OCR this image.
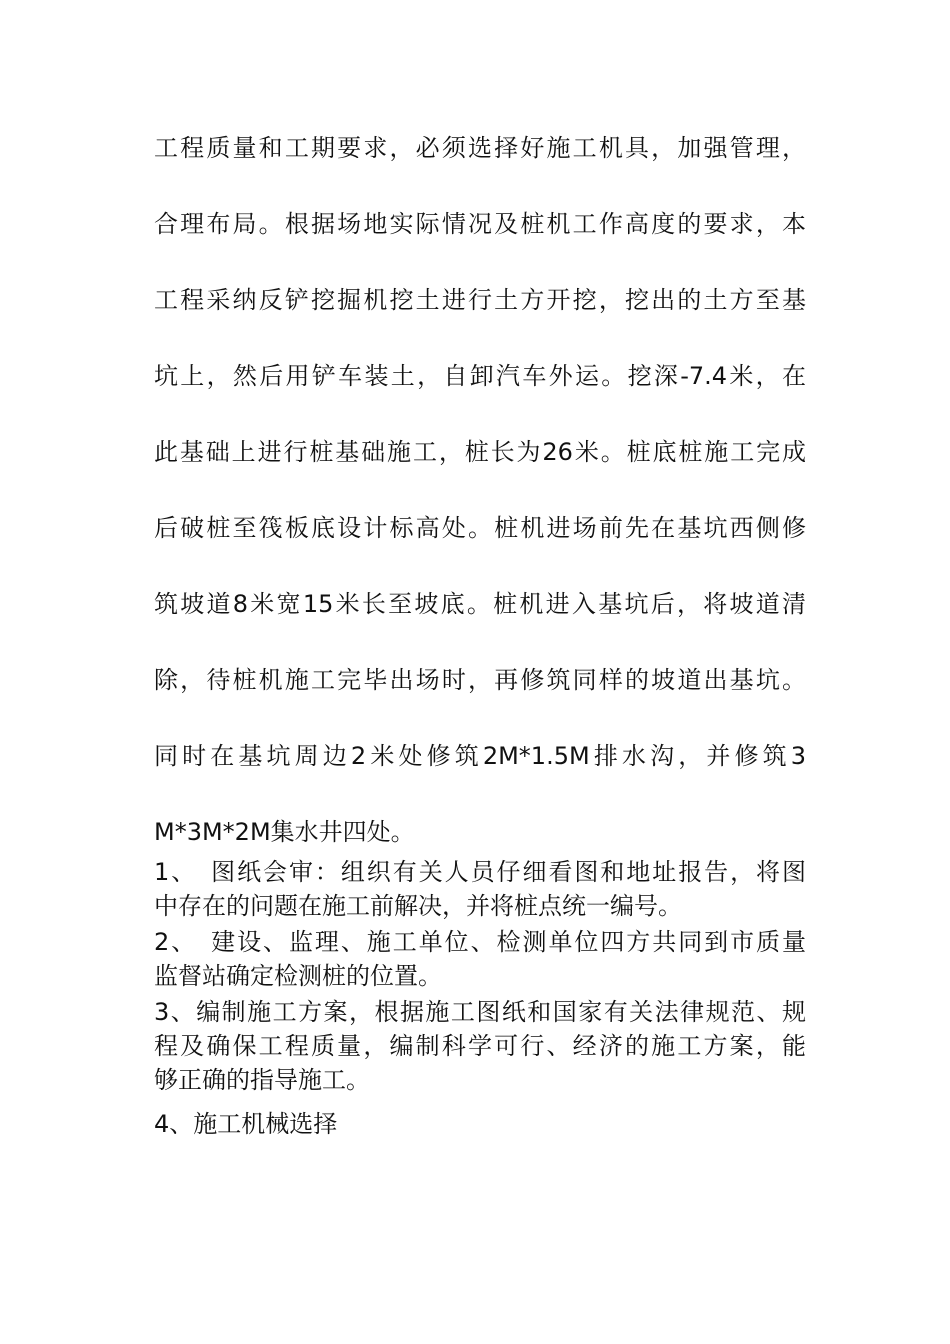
工程质量和工期要求，必须选择好施工机具，加强管理，
合理布局。根据场地实际情况及桩机工作高度的要求，本
工程采纳反铲挖掘机挖土进行土方开挖，挖出的土方至基
坑上，然后用铲车装土，自卸汽车外运。挖深-7.4米，在
此基础上进行桩基础施工，桩长为26米。桩底桩施工完成
后破桩至筏板底设计标高处。桩机进场前先在基坑西侧修
筑坡道8米宽15米长至坡底。桩机进入基坑后，将坡道清
除，待桩机施工完毕出场时，再修筑同样的坡道出基坑。
同时在基坑周边2米处修筑2M*1.5M排水沟，并修筑3
M*3M*2M集水井四处。
1、　图纸会审：组织有关人员仔细看图和地址报告，将图
中存在的问题在施工前解决，并将桩点统一编号。
2、　建设、监理、施工单位、检测单位四方共同到市质量
监督站确定检测桩的位置。
3、编制施工方案，根据施工图纸和国家有关法律规范、规
程及确保工程质量，编制科学可行、经济的施工方案，能
够正确的指导施工。
4、施工机械选择
